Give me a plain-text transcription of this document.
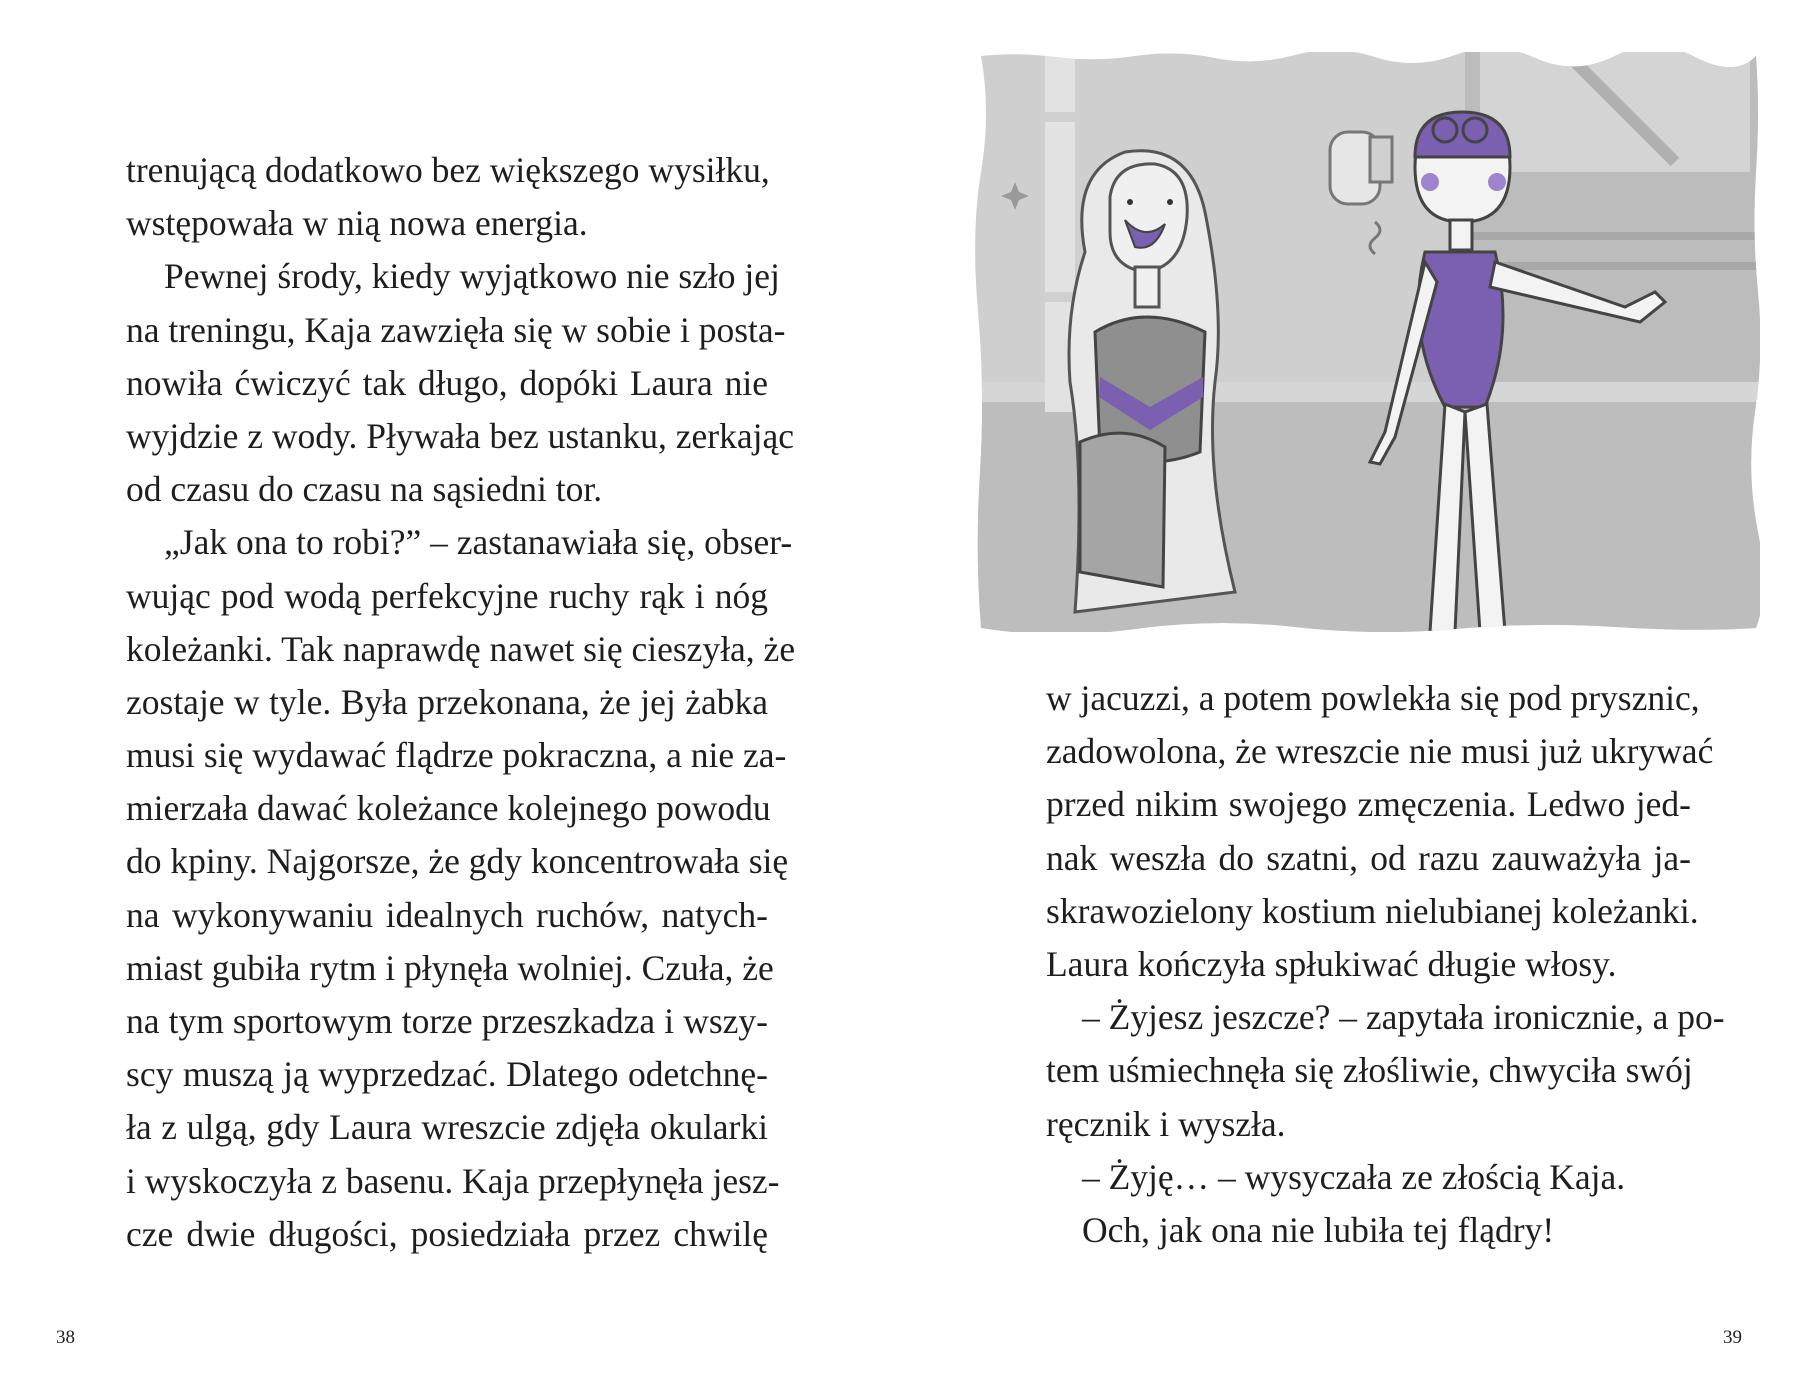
trenującą dodatkowo bez większego wysiłku,
wstępowała w nią nowa energia.
Pewnej środy, kiedy wyjątkowo nie szło jej
na treningu, Kaja zawzięła się w sobie i posta-
nowiła ćwiczyć tak długo, dopóki Laura nie
wyjdzie z wody. Pływała bez ustanku, zerkając
od czasu do czasu na sąsiedni tor.
„Jak ona to robi?” – zastanawiała się, obser-
wując pod wodą perfekcyjne ruchy rąk i nóg
koleżanki. Tak naprawdę nawet się cieszyła, że
zostaje w tyle. Była przekonana, że jej żabka
musi się wydawać flądrze pokraczna, a nie za-
mierzała dawać koleżance kolejnego powodu
do kpiny. Najgorsze, że gdy koncentrowała się
na wykonywaniu idealnych ruchów, natych-
miast gubiła rytm i płynęła wolniej. Czuła, że
na tym sportowym torze przeszkadza i wszy-
scy muszą ją wyprzedzać. Dlatego odetchnę-
ła z ulgą, gdy Laura wreszcie zdjęła okularki
i wyskoczyła z basenu. Kaja przepłynęła jesz-
cze dwie długości, posiedziała przez chwilę
38
w jacuzzi, a potem powlekła się pod prysznic,
zadowolona, że wreszcie nie musi już ukrywać
przed nikim swojego zmęczenia. Ledwo jed-
nak weszła do szatni, od razu zauważyła ja-
skrawozielony kostium nielubianej koleżanki.
Laura kończyła spłukiwać długie włosy.
– Żyjesz jeszcze? – zapytała ironicznie, a po-
tem uśmiechnęła się złośliwie, chwyciła swój
ręcznik i wyszła.
– Żyję… – wysyczała ze złością Kaja.
Och, jak ona nie lubiła tej flądry!
39
